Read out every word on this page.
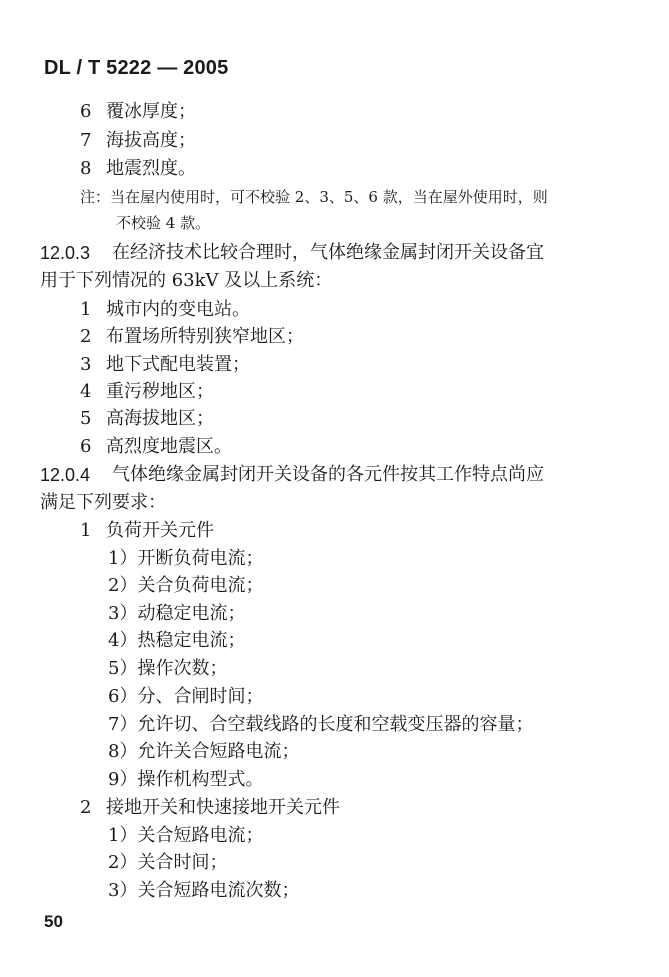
DL / T 5222 — 2005
6 覆冰厚度；
7 海拔高度；
8 地震烈度。
注：当在屋内使用时，可不校验 2、3、5、6 款，当在屋外使用时，则
不校验 4 款。
12.0.3 在经济技术比较合理时，气体绝缘金属封闭开关设备宜
用于下列情况的 63kV 及以上系统：
1 城市内的变电站。
2 布置场所特别狭窄地区；
3 地下式配电装置；
4 重污秽地区；
5 高海拔地区；
6 高烈度地震区。
12.0.4 气体绝缘金属封闭开关设备的各元件按其工作特点尚应
满足下列要求：
1 负荷开关元件
1）开断负荷电流；
2）关合负荷电流；
3）动稳定电流；
4）热稳定电流；
5）操作次数；
6）分、合闸时间；
7）允许切、合空载线路的长度和空载变压器的容量；
8）允许关合短路电流；
9）操作机构型式。
2 接地开关和快速接地开关元件
1）关合短路电流；
2）关合时间；
3）关合短路电流次数；
50
